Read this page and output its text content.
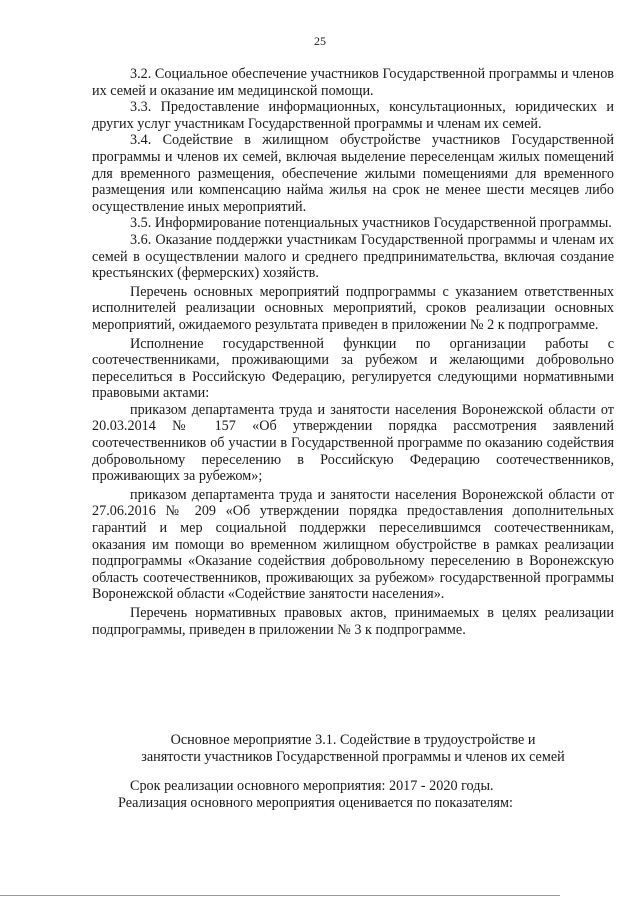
25

3.2. Социальное обеспечение участников Государственной программы и членов их семей и оказание им медицинской помощи.

3.3. Предоставление информационных, консультационных, юридических и других услуг участникам Государственной программы и членам их семей.

3.4. Содействие в жилищном обустройстве участников Государственной программы и членов их семей, включая выделение переселенцам жилых помещений для временного размещения, обеспечение жилыми помещениями для временного размещения или компенсацию найма жилья на срок не менее шести месяцев либо осуществление иных мероприятий.

3.5. Информирование потенциальных участников Государственной программы.

3.6. Оказание поддержки участникам Государственной программы и членам их семей в осуществлении малого и среднего предпринимательства, включая создание крестьянских (фермерских) хозяйств.

Перечень основных мероприятий подпрограммы с указанием ответственных исполнителей реализации основных мероприятий, сроков реализации основных мероприятий, ожидаемого результата приведен в приложении № 2 к подпрограмме.

Исполнение государственной функции по организации работы с соотечественниками, проживающими за рубежом и желающими добровольно переселиться в Российскую Федерацию, регулируется следующими нормативными правовыми актами:

приказом департамента труда и занятости населения Воронежской области от 20.03.2014 № 157 «Об утверждении порядка рассмотрения заявлений соотечественников об участии в Государственной программе по оказанию содействия добровольному переселению в Российскую Федерацию соотечественников, проживающих за рубежом»;

приказом департамента труда и занятости населения Воронежской области от 27.06.2016 № 209 «Об утверждении порядка предоставления дополнительных гарантий и мер социальной поддержки переселившимся соотечественникам, оказания им помощи во временном жилищном обустройстве в рамках реализации подпрограммы «Оказание содействия добровольному переселению в Воронежскую область соотечественников, проживающих за рубежом» государственной программы Воронежской области «Содействие занятости населения».

Перечень нормативных правовых актов, принимаемых в целях реализации подпрограммы, приведен в приложении № 3 к подпрограмме.

Основное мероприятие 3.1. Содействие в трудоустройстве и
занятости участников Государственной программы и членов их семей
Срок реализации основного мероприятия: 2017 - 2020 годы.
Реализация основного мероприятия оценивается по показателям:
